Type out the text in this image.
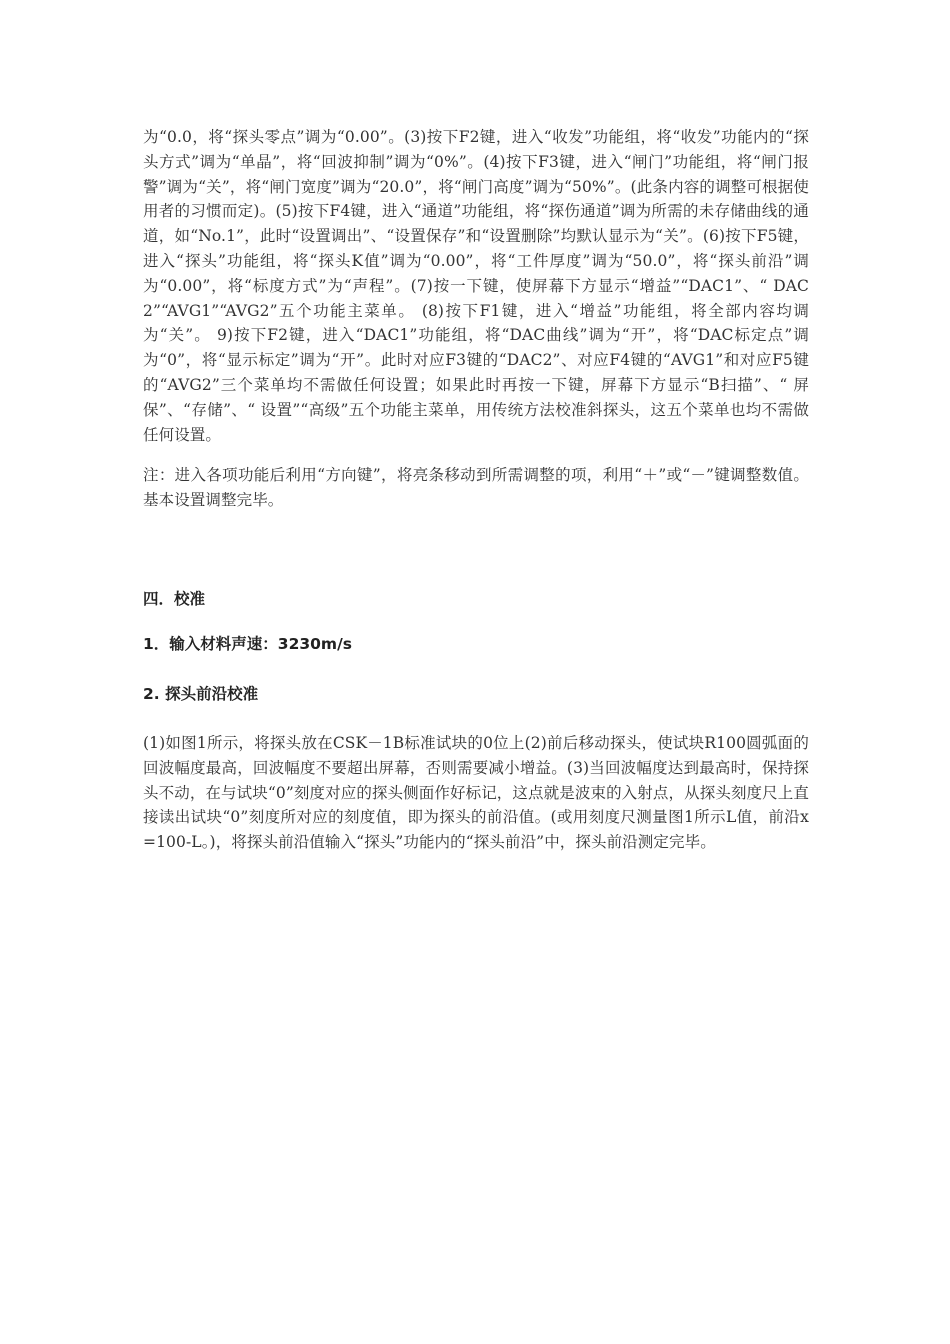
为“0.0，将“探头零点”调为“0.00”。(3)按下F2键，进入“收发”功能组，将“收发”功能内的“探头方式”调为“单晶”，将“回波抑制”调为“0%”。(4)按下F3键，进入“闸门”功能组，将“闸门报警”调为“关”，将“闸门宽度”调为“20.0”，将“闸门高度”调为“50%”。(此条内容的调整可根据使用者的习惯而定)。(5)按下F4键，进入“通道”功能组，将“探伤通道”调为所需的未存储曲线的通道，如“No.1”，此时“设置调出”、“设置保存”和“设置删除”均默认显示为“关”。(6)按下F5键，进入“探头”功能组，将“探头K值”调为“0.00”，将“工件厚度”调为“50.0”，将“探头前沿”调为“0.00”，将“标度方式”为“声程”。(7)按一下键，使屏幕下方显示“增益”“DAC1”、“ DAC2”“AVG1”“AVG2”五个功能主菜单。 (8)按下F1键，进入“增益”功能组，将全部内容均调为“关”。 9)按下F2键，进入“DAC1”功能组，将“DAC曲线”调为“开”，将“DAC标定点”调为“0”，将“显示标定”调为“开”。此时对应F3键的“DAC2”、对应F4键的“AVG1”和对应F5键的“AVG2”三个菜单均不需做任何设置；如果此时再按一下键，屏幕下方显示“B扫描”、“ 屏保”、“存储”、“ 设置”“高级”五个功能主菜单，用传统方法校准斜探头，这五个菜单也均不需做任何设置。

注：进入各项功能后利用“方向键”，将亮条移动到所需调整的项，利用“＋”或“－”键调整数值。基本设置调整完毕。

四．校准
1．输入材料声速：3230m/s
2. 探头前沿校准

(1)如图1所示，将探头放在CSK－1B标准试块的0位上(2)前后移动探头，使试块R100圆弧面的回波幅度最高，回波幅度不要超出屏幕，否则需要减小增益。(3)当回波幅度达到最高时，保持探头不动，在与试块“0”刻度对应的探头侧面作好标记，这点就是波束的入射点，从探头刻度尺上直接读出试块“0”刻度所对应的刻度值，即为探头的前沿值。(或用刻度尺测量图1所示L值，前沿x=100-L。)，将探头前沿值输入“探头”功能内的“探头前沿”中，探头前沿测定完毕。
